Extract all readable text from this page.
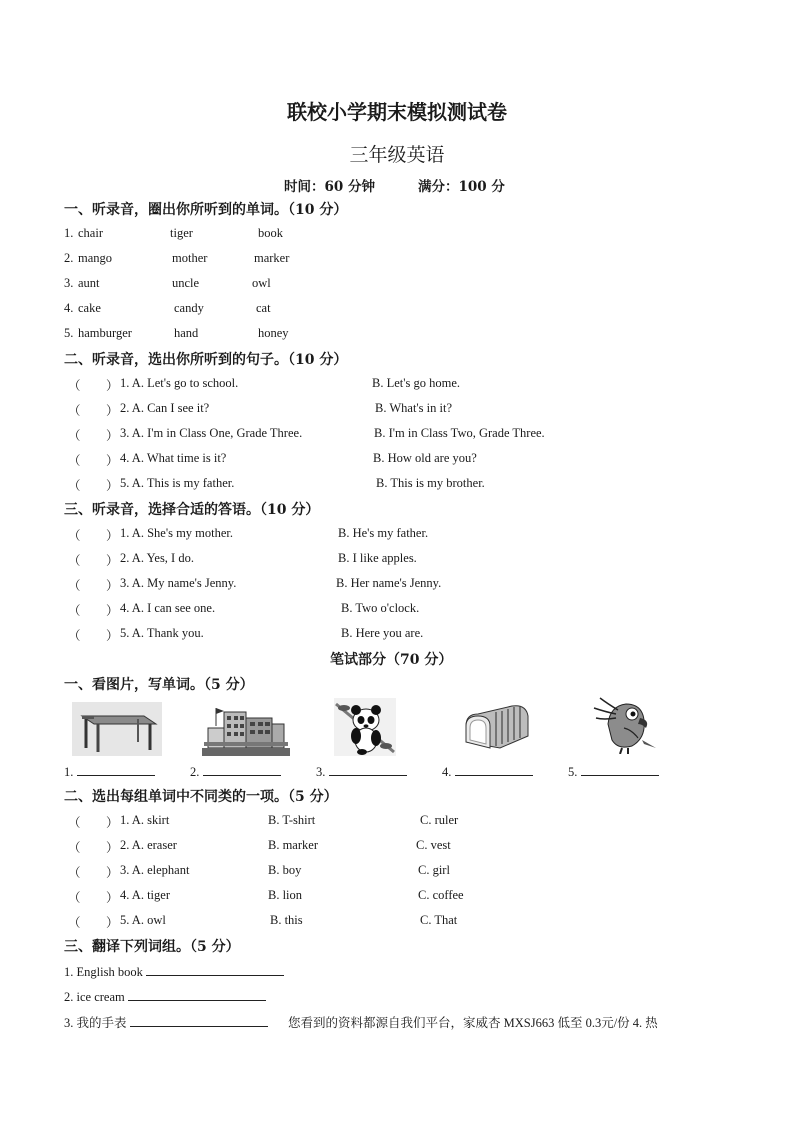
联校小学期末模拟测试卷
三年级英语
时间：60 分钟	满分：100 分
一、听录音，圈出你所听到的单词。（10 分）
1. chair	tiger	book
2. mango	mother	marker
3. aunt	uncle	owl
4. cake	candy	cat
5. hamburger	hand	honey
二、听录音，选出你所听到的句子。（10 分）
（ ） 1. A. Let's go to school.	B. Let's go home.
（ ） 2. A. Can I see it?	B. What's in it?
（ ） 3. A. I'm in Class One, Grade Three.	B. I'm in Class Two, Grade Three.
（ ） 4. A. What time is it?	B. How old are you?
（ ） 5. A. This is my father.	B. This is my brother.
三、听录音，选择合适的答语。（10 分）
（ ） 1. A. She's my mother.	B. He's my father.
（ ） 2. A. Yes, I do.	B. I like apples.
（ ） 3. A. My name's Jenny.	B. Her name's Jenny.
（ ） 4. A. I can see one.	B. Two o'clock.
（ ） 5. A. Thank you.	B. Here you are.
笔试部分（70 分）
一、看图片，写单词。（5 分）
1.	2.	3.	4.	5.
二、选出每组单词中不同类的一项。（5 分）
（ ） 1. A. skirt	B. T-shirt	C. ruler
（ ） 2. A. eraser	B. marker	C. vest
（ ） 3. A. elephant	B. boy	C. girl
（ ） 4. A. tiger	B. lion	C. coffee
（ ） 5. A. owl	B. this	C. That
三、翻译下列词组。（5 分）
1. English book
2. ice cream
3. 我的手表	您看到的资料都源自我们平台，家威杏 MXSJ663 低至 0.3元/份 4. 热
